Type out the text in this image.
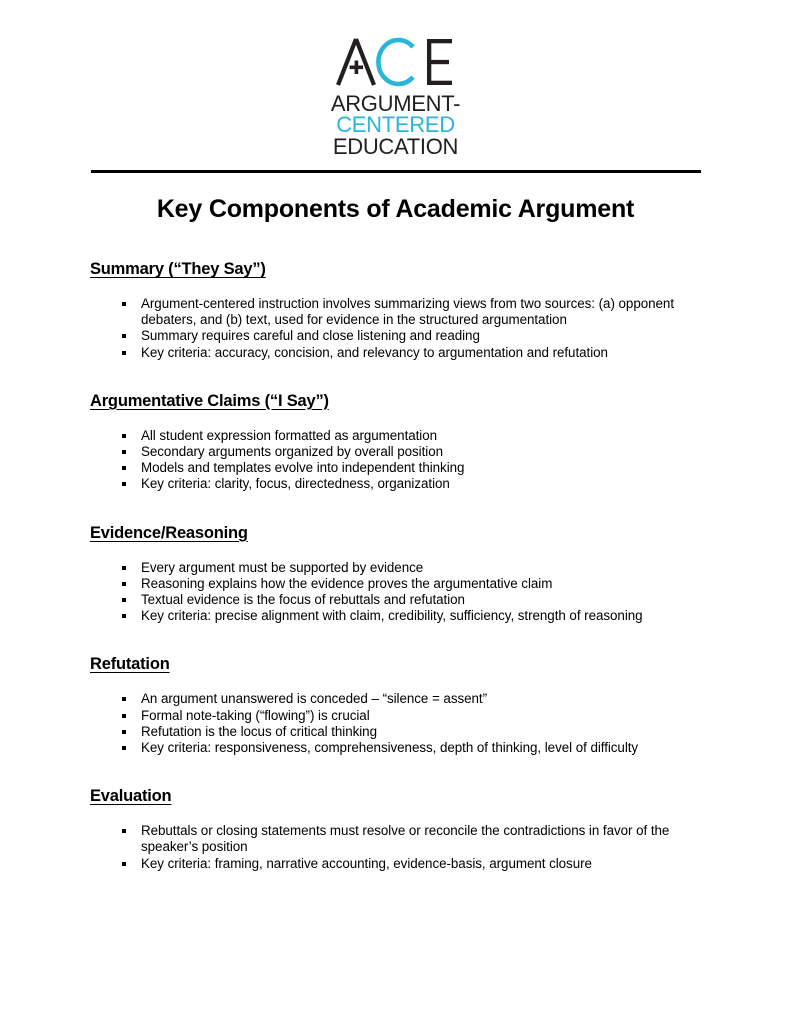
ARGUMENT-
CENTERED
EDUCATION
Key Components of Academic Argument
Summary (“They Say”)
Argument-centered instruction involves summarizing views from two sources: (a) opponent debaters, and (b) text, used for evidence in the structured argumentation
Summary requires careful and close listening and reading
Key criteria: accuracy, concision, and relevancy to argumentation and refutation
Argumentative Claims (“I Say”)
All student expression formatted as argumentation
Secondary arguments organized by overall position
Models and templates evolve into independent thinking
Key criteria: clarity, focus, directedness, organization
Evidence/Reasoning
Every argument must be supported by evidence
Reasoning explains how the evidence proves the argumentative claim
Textual evidence is the focus of rebuttals and refutation
Key criteria: precise alignment with claim, credibility, sufficiency, strength of reasoning
Refutation
An argument unanswered is conceded – “silence = assent”
Formal note-taking (“flowing”) is crucial
Refutation is the locus of critical thinking
Key criteria: responsiveness, comprehensiveness, depth of thinking, level of difficulty
Evaluation
Rebuttals or closing statements must resolve or reconcile the contradictions in favor of the speaker’s position
Key criteria: framing, narrative accounting, evidence-basis, argument closure
